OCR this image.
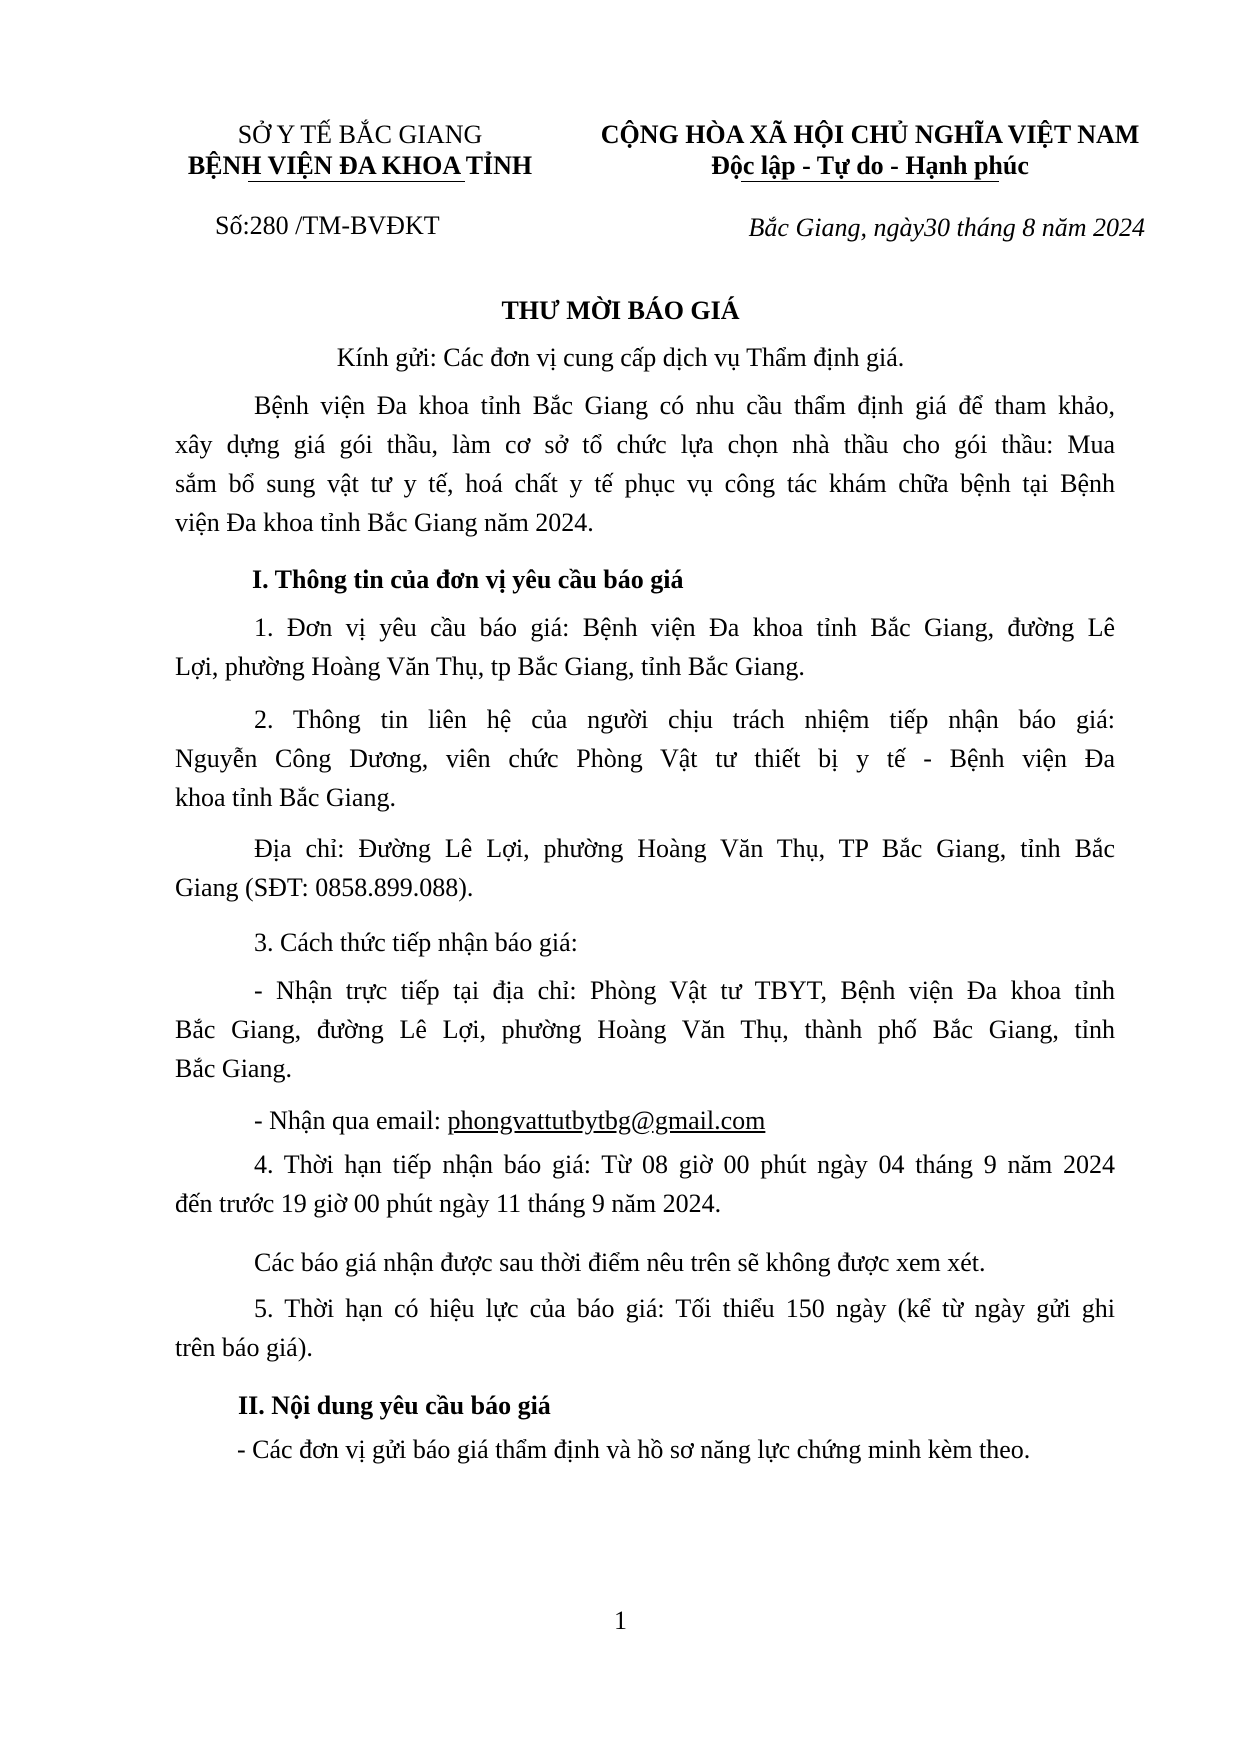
SỞ Y TẾ BẮC GIANG
BỆNH VIỆN ĐA KHOA TỈNH
CỘNG HÒA XÃ HỘI CHỦ NGHĨA VIỆT NAM
Độc lập - Tự do - Hạnh phúc
Số:280 /TM-BVĐKT	Bắc Giang, ngày30 tháng 8 năm 2024
THƯ MỜI BÁO GIÁ
Kính gửi: Các đơn vị cung cấp dịch vụ Thẩm định giá.
Bệnh viện Đa khoa tỉnh Bắc Giang có nhu cầu thẩm định giá để tham khảo,
xây dựng giá gói thầu, làm cơ sở tổ chức lựa chọn nhà thầu cho gói thầu: Mua
sắm bổ sung vật tư y tế, hoá chất y tế phục vụ công tác khám chữa bệnh tại Bệnh
viện Đa khoa tỉnh Bắc Giang năm 2024.
I. Thông tin của đơn vị yêu cầu báo giá
1. Đơn vị yêu cầu báo giá: Bệnh viện Đa khoa tỉnh Bắc Giang, đường Lê
Lợi, phường Hoàng Văn Thụ, tp Bắc Giang, tỉnh Bắc Giang.
2. Thông tin liên hệ của người chịu trách nhiệm tiếp nhận báo giá:
Nguyễn Công Dương, viên chức Phòng Vật tư thiết bị y tế - Bệnh viện Đa
khoa tỉnh Bắc Giang.
Địa chỉ: Đường Lê Lợi, phường Hoàng Văn Thụ, TP Bắc Giang, tỉnh Bắc
Giang (SĐT: 0858.899.088).
3. Cách thức tiếp nhận báo giá:
- Nhận trực tiếp tại địa chỉ: Phòng Vật tư TBYT, Bệnh viện Đa khoa tỉnh
Bắc Giang, đường Lê Lợi, phường Hoàng Văn Thụ, thành phố Bắc Giang, tỉnh
Bắc Giang.
- Nhận qua email: phongvattutbytbg@gmail.com
4. Thời hạn tiếp nhận báo giá: Từ 08 giờ 00 phút ngày 04 tháng 9 năm 2024
đến trước 19 giờ 00 phút ngày 11 tháng 9 năm 2024.
Các báo giá nhận được sau thời điểm nêu trên sẽ không được xem xét.
5. Thời hạn có hiệu lực của báo giá: Tối thiểu 150 ngày (kể từ ngày gửi ghi
trên báo giá).
II. Nội dung yêu cầu báo giá
- Các đơn vị gửi báo giá thẩm định và hồ sơ năng lực chứng minh kèm theo.
1
